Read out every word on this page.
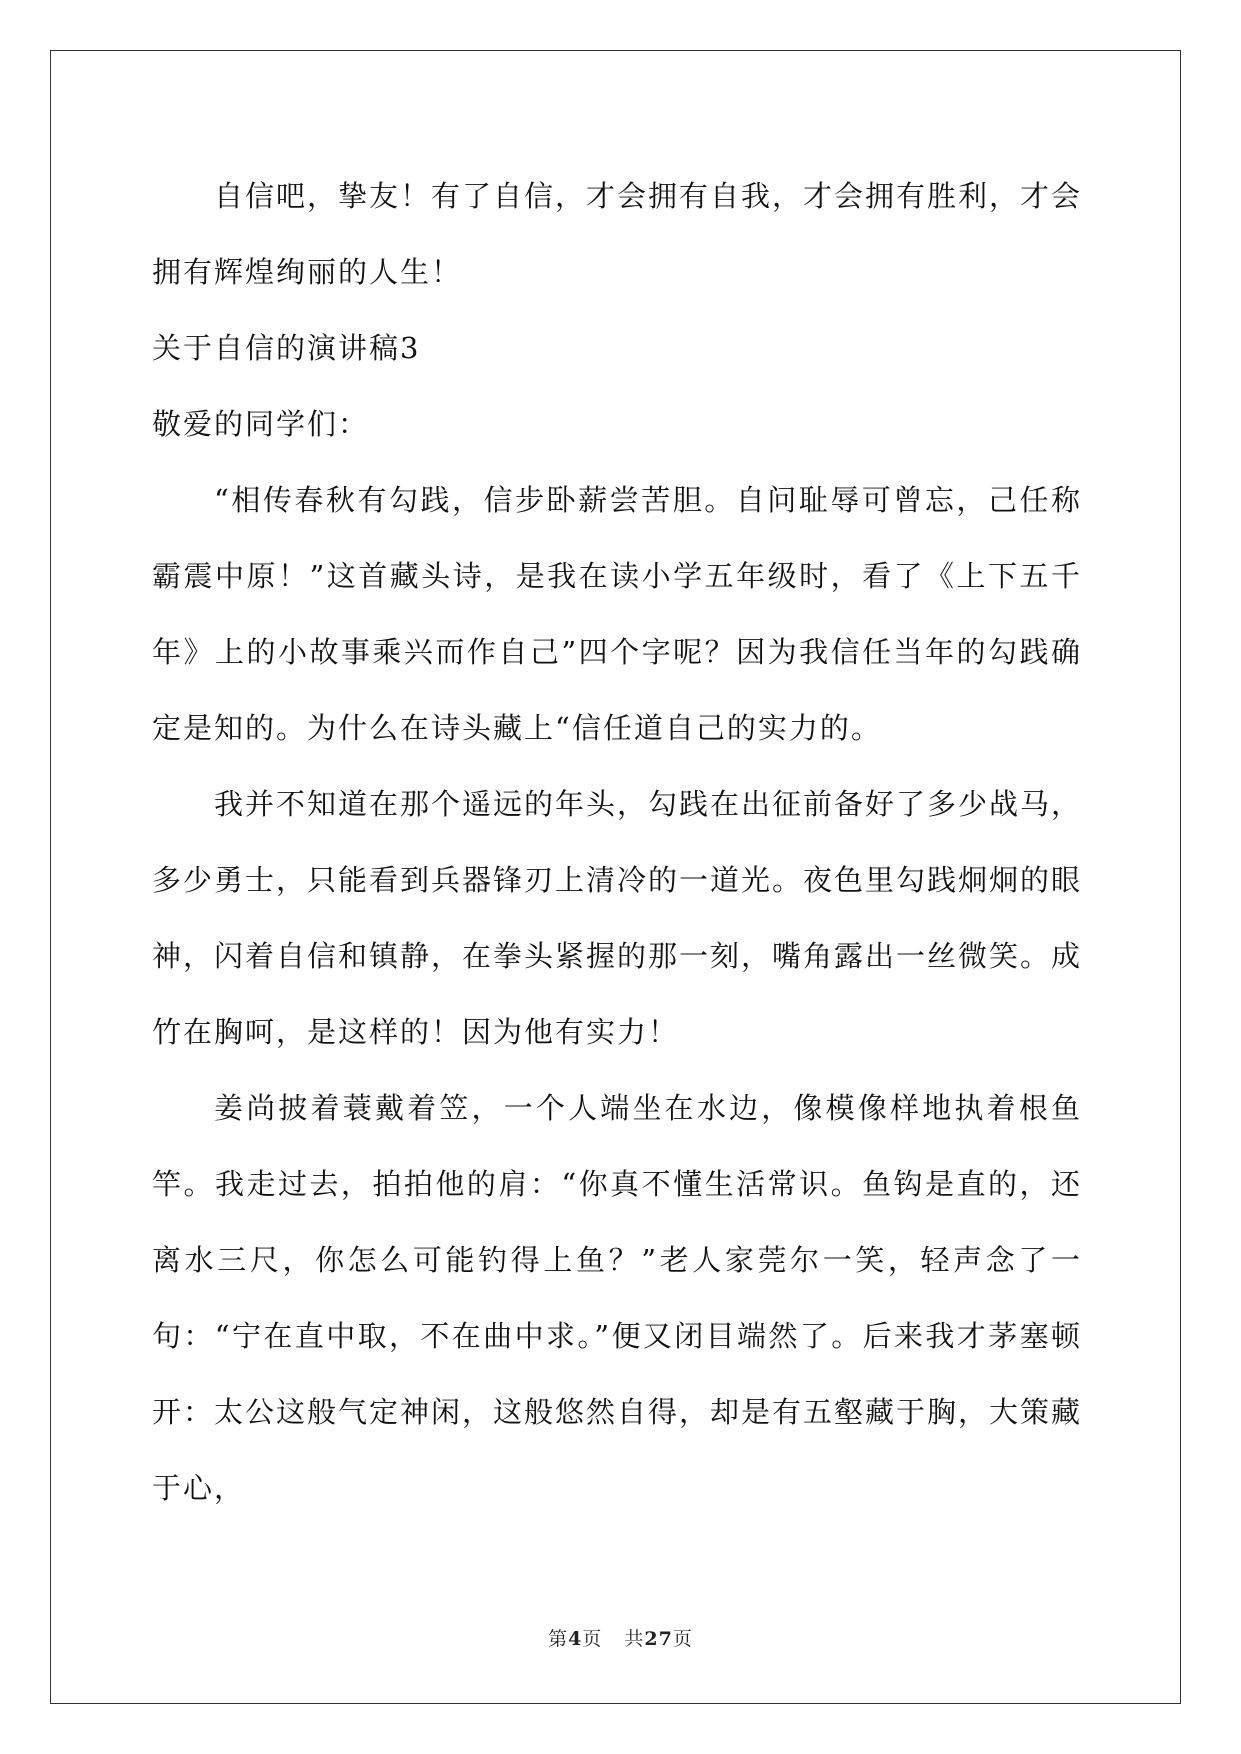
自信吧，挚友！有了自信，才会拥有自我，才会拥有胜利，才会拥有辉煌绚丽的人生！

关于自信的演讲稿3

敬爱的同学们：

“相传春秋有勾践，信步卧薪尝苦胆。自问耻辱可曾忘，己任称霸震中原！”这首藏头诗，是我在读小学五年级时，看了《上下五千年》上的小故事乘兴而作自己”四个字呢？因为我信任当年的勾践确定是知的。为什么在诗头藏上“信任道自己的实力的。

我并不知道在那个遥远的年头，勾践在出征前备好了多少战马，多少勇士，只能看到兵器锋刃上清冷的一道光。夜色里勾践炯炯的眼神，闪着自信和镇静，在拳头紧握的那一刻，嘴角露出一丝微笑。成竹在胸呵，是这样的！因为他有实力！

姜尚披着蓑戴着笠，一个人端坐在水边，像模像样地执着根鱼竿。我走过去，拍拍他的肩：“你真不懂生活常识。鱼钩是直的，还离水三尺，你怎么可能钓得上鱼？”老人家莞尔一笑，轻声念了一句：“宁在直中取，不在曲中求。”便又闭目端然了。后来我才茅塞顿开：太公这般气定神闲，这般悠然自得，却是有五壑藏于胸，大策藏于心，

第4页 共27页
